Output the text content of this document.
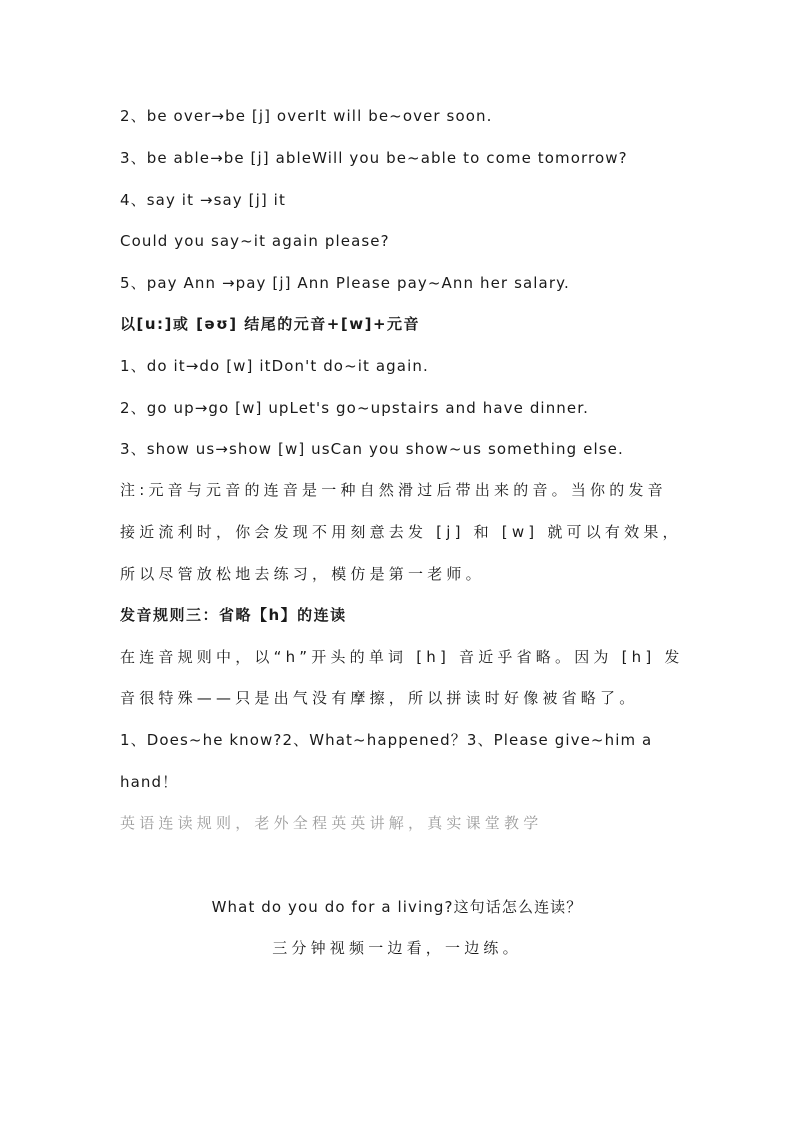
2、be over→be [j] overIt will be~over soon.
3、be able→be [j] ableWill you be~able to come tomorrow?
4、say it →say [j] it
Could you say~it again please?
5、pay Ann →pay [j] Ann Please pay~Ann her salary.
以[u:]或 [əʊ] 结尾的元音+[w]+元音
1、do it→do [w] itDon't do~it again.
2、go up→go [w] upLet's go~upstairs and have dinner.
3、show us→show [w] usCan you show~us something else.
注:元音与元音的连音是一种自然滑过后带出来的音。当你的发音
接近流利时，你会发现不用刻意去发 [j] 和 [w] 就可以有效果，
所以尽管放松地去练习，模仿是第一老师。
发音规则三：省略【h】的连读
在连音规则中，以“h”开头的单词 [h] 音近乎省略。因为 [h] 发
音很特殊——只是出气没有摩擦，所以拼读时好像被省略了。
1、Does~he know?2、What~happened？3、Please give~him a
hand！
英语连读规则，老外全程英英讲解，真实课堂教学
What do you do for a living?这句话怎么连读？
三分钟视频一边看，一边练。
